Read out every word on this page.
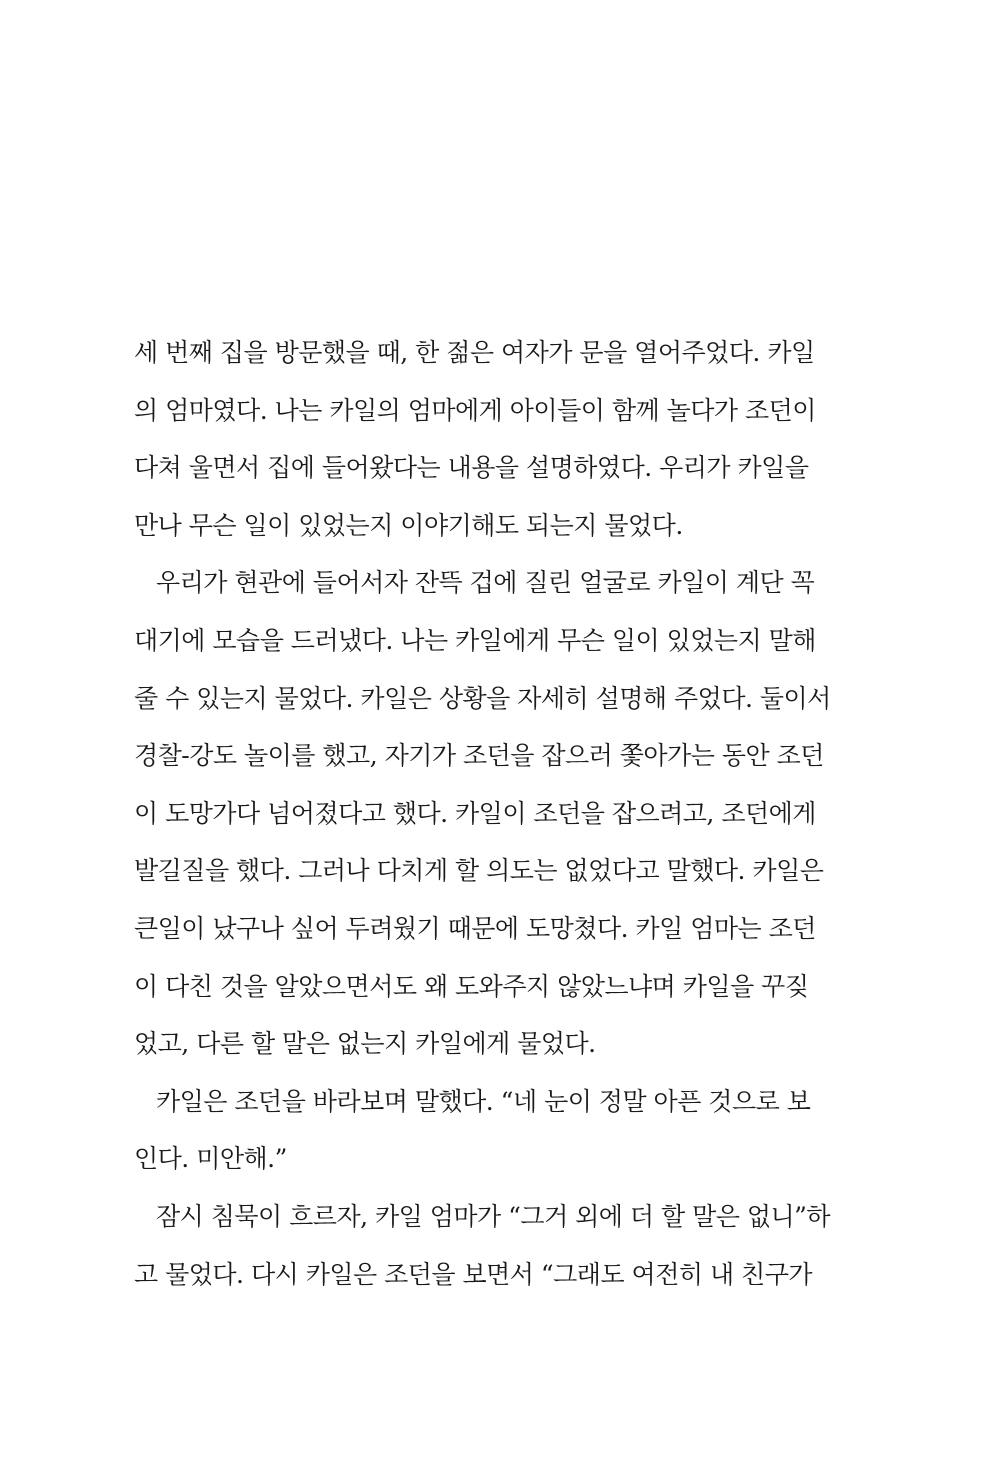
세 번째 집을 방문했을 때, 한 젊은 여자가 문을 열어주었다. 카일
의 엄마였다. 나는 카일의 엄마에게 아이들이 함께 놀다가 조던이
다쳐 울면서 집에 들어왔다는 내용을 설명하였다. 우리가 카일을
만나 무슨 일이 있었는지 이야기해도 되는지 물었다.
우리가 현관에 들어서자 잔뜩 겁에 질린 얼굴로 카일이 계단 꼭
대기에 모습을 드러냈다. 나는 카일에게 무슨 일이 있었는지 말해
줄 수 있는지 물었다. 카일은 상황을 자세히 설명해 주었다. 둘이서
경찰-강도 놀이를 했고, 자기가 조던을 잡으러 쫓아가는 동안 조던
이 도망가다 넘어졌다고 했다. 카일이 조던을 잡으려고, 조던에게
발길질을 했다. 그러나 다치게 할 의도는 없었다고 말했다. 카일은
큰일이 났구나 싶어 두려웠기 때문에 도망쳤다. 카일 엄마는 조던
이 다친 것을 알았으면서도 왜 도와주지 않았느냐며 카일을 꾸짖
었고, 다른 할 말은 없는지 카일에게 물었다.
카일은 조던을 바라보며 말했다. “네 눈이 정말 아픈 것으로 보
인다. 미안해.”
잠시 침묵이 흐르자, 카일 엄마가 “그거 외에 더 할 말은 없니”하
고 물었다. 다시 카일은 조던을 보면서 “그래도 여전히 내 친구가
